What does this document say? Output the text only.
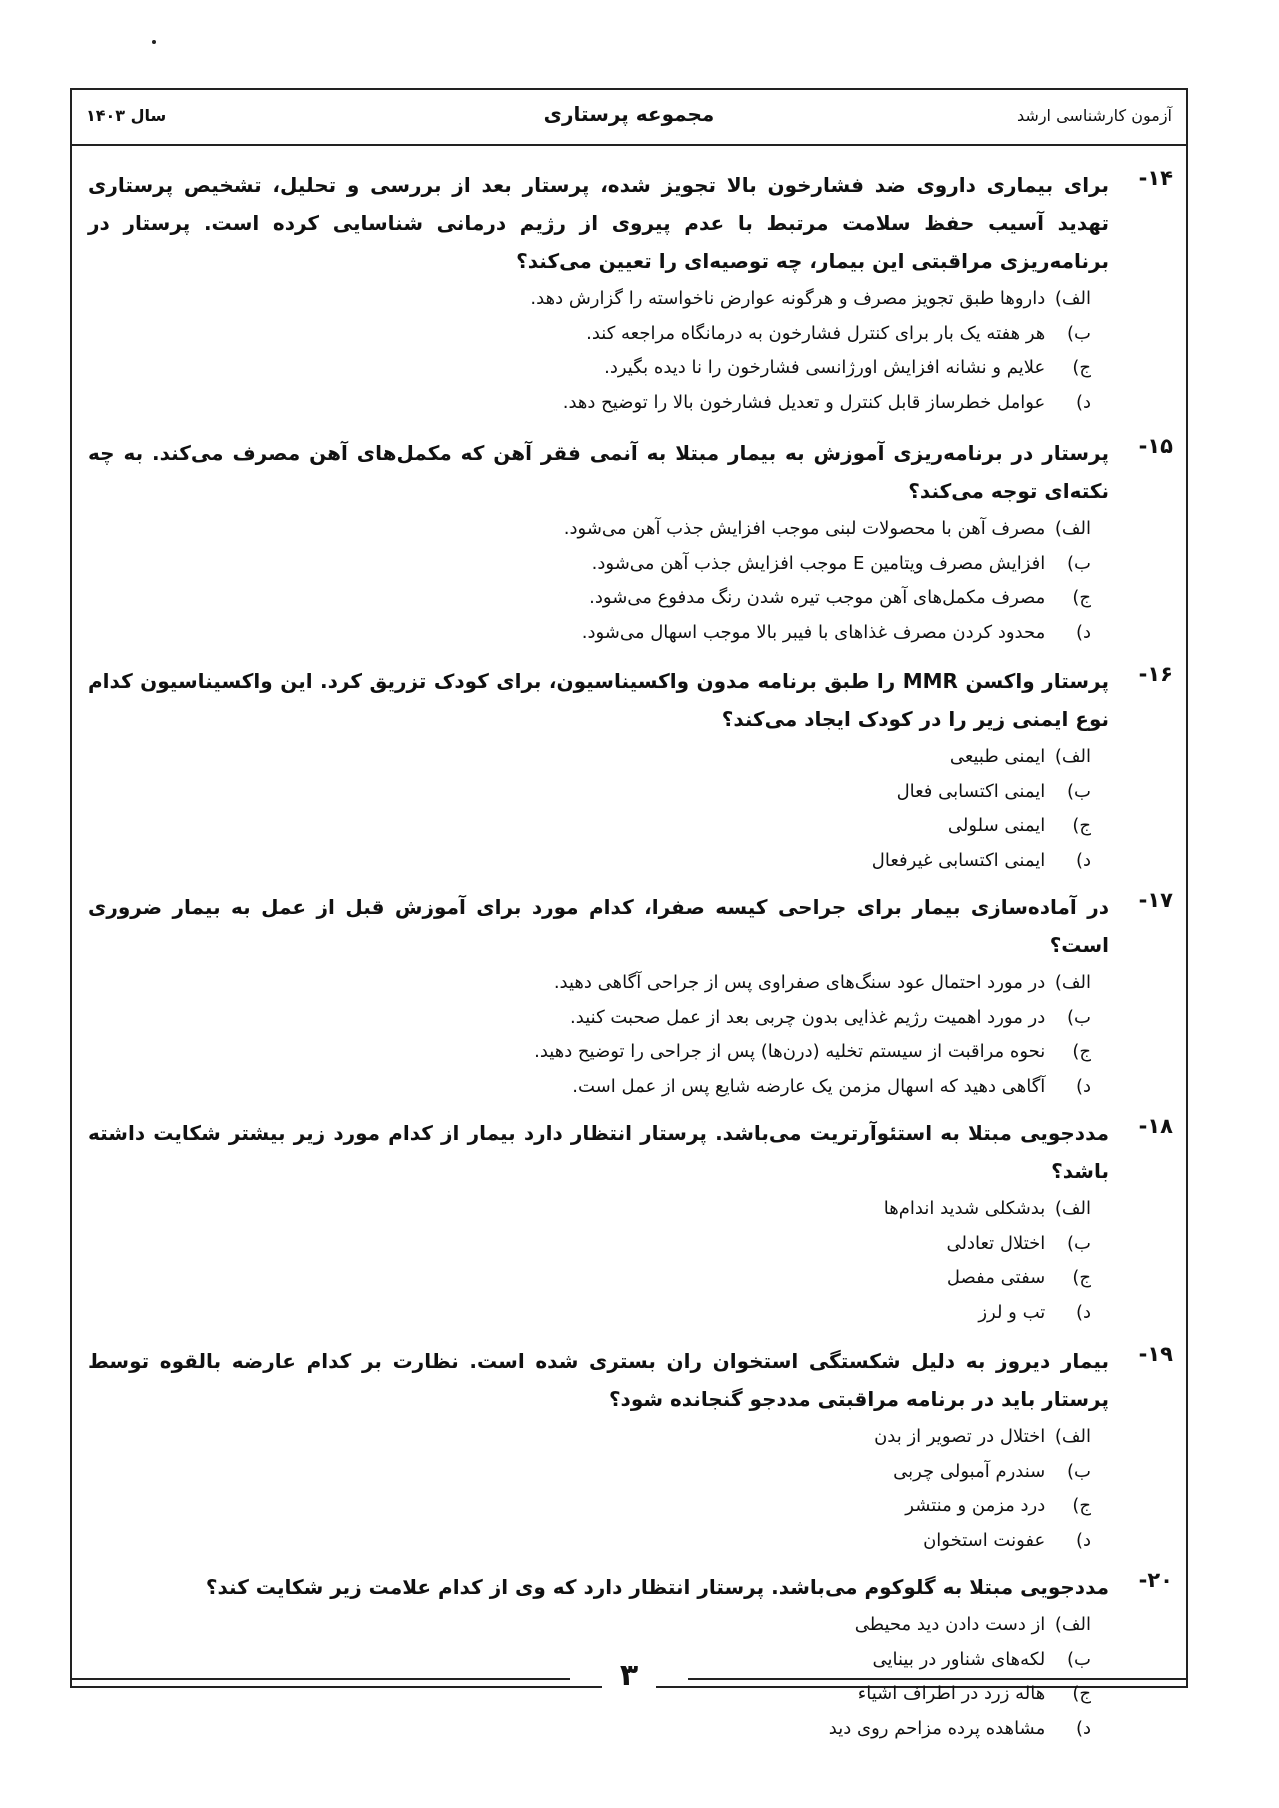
آزمون کارشناسی ارشد
مجموعه پرستاری
سال ۱۴۰۳
۱۴-

برای بیماری داروی ضد فشارخون بالا تجویز شده، پرستار بعد از بررسی و تحلیل، تشخیص پرستاری تهدید آسیب حفظ سلامت مرتبط با عدم پیروی از رژیم درمانی شناسایی کرده است. پرستار در برنامه‌ریزی مراقبتی این بیمار، چه توصیه‌ای را تعیین می‌کند؟

الف) داروها طبق تجویز مصرف و هرگونه عوارض ناخواسته را گزارش دهد.
ب) هر هفته یک بار برای کنترل فشارخون به درمانگاه مراجعه کند.
ج) علایم و نشانه افزایش اورژانسی فشارخون را نا دیده بگیرد.
د) عوامل خطرساز قابل کنترل و تعدیل فشارخون بالا را توضیح دهد.
۱۵-

پرستار در برنامه‌ریزی آموزش به بیمار مبتلا به آنمی فقر آهن که مکمل‌های آهن مصرف می‌کند. به چه نکته‌ای توجه می‌کند؟

الف) مصرف آهن با محصولات لبنی موجب افزایش جذب آهن می‌شود.
ب) افزایش مصرف ویتامین E موجب افزایش جذب آهن می‌شود.
ج) مصرف مکمل‌های آهن موجب تیره شدن رنگ مدفوع می‌شود.
د) محدود کردن مصرف غذاهای با فیبر بالا موجب اسهال می‌شود.
۱۶-

پرستار واکسن MMR را طبق برنامه مدون واکسیناسیون، برای کودک تزریق کرد. این واکسیناسیون کدام نوع ایمنی زیر را در کودک ایجاد می‌کند؟

الف) ایمنی طبیعی
ب) ایمنی اکتسابی فعال
ج) ایمنی سلولی
د) ایمنی اکتسابی غیرفعال
۱۷-

در آماده‌سازی بیمار برای جراحی کیسه صفرا، کدام مورد برای آموزش قبل از عمل به بیمار ضروری است؟

الف) در مورد احتمال عود سنگ‌های صفراوی پس از جراحی آگاهی دهید.
ب) در مورد اهمیت رژیم غذایی بدون چربی بعد از عمل صحبت کنید.
ج) نحوه مراقبت از سیستم تخلیه (درن‌ها) پس از جراحی را توضیح دهید.
د) آگاهی دهید که اسهال مزمن یک عارضه شایع پس از عمل است.
۱۸-

مددجویی مبتلا به استئوآرتریت می‌باشد. پرستار انتظار دارد بیمار از کدام مورد زیر بیشتر شکایت داشته باشد؟

الف) بدشکلی شدید اندام‌ها
ب) اختلال تعادلی
ج) سفتی مفصل
د) تب و لرز
۱۹-

بیمار دیروز به دلیل شکستگی استخوان ران بستری شده است. نظارت بر کدام عارضه بالقوه توسط پرستار باید در برنامه مراقبتی مددجو گنجانده شود؟

الف) اختلال در تصویر از بدن
ب) سندرم آمبولی چربی
ج) درد مزمن و منتشر
د) عفونت استخوان
۲۰-

مددجویی مبتلا به گلوکوم می‌باشد. پرستار انتظار دارد که وی از کدام علامت زیر شکایت کند؟

الف) از دست دادن دید محیطی
ب) لکه‌های شناور در بینایی
ج) هاله زرد در اطراف اشیاء
د) مشاهده پرده مزاحم روی دید
۳
